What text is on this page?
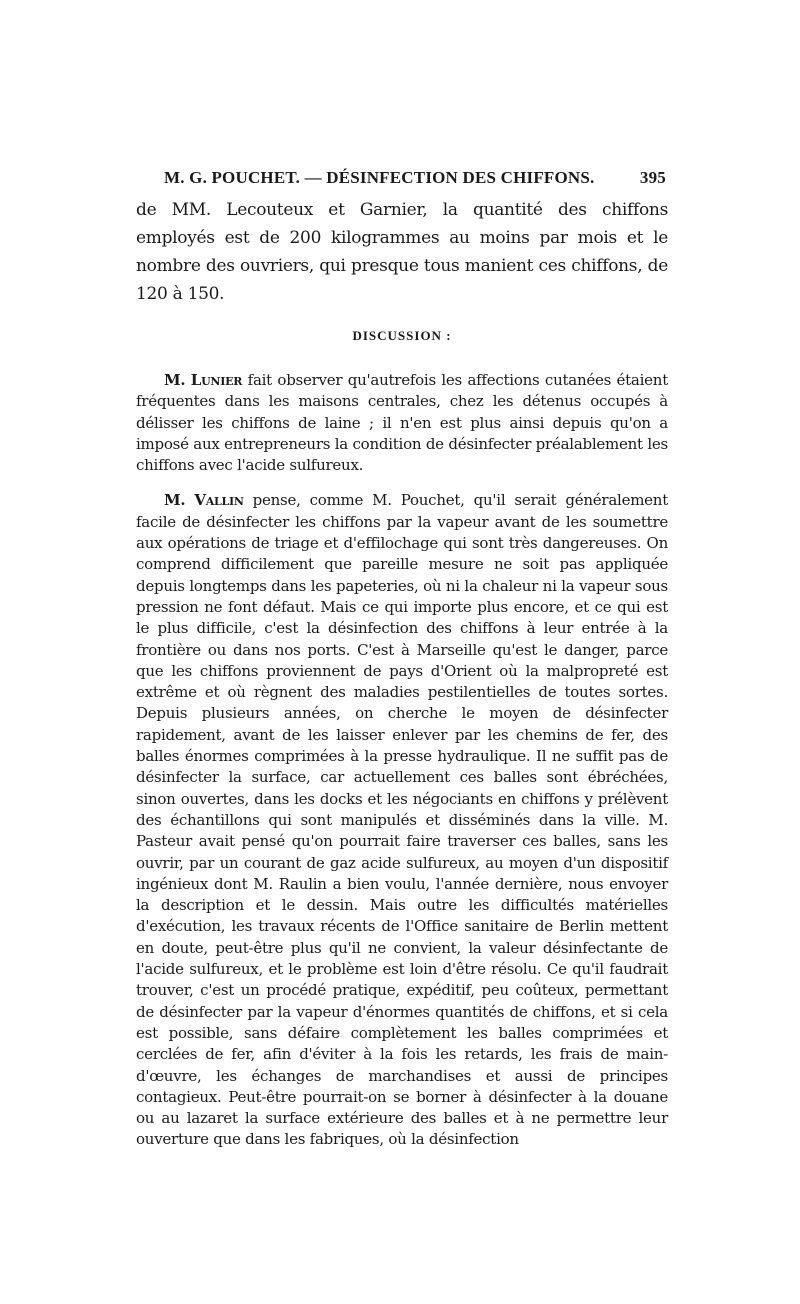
M. G. POUCHET. — DÉSINFECTION DES CHIFFONS.	395

de MM. Lecouteux et Garnier, la quantité des chiffons employés est de 200 kilogrammes au moins par mois et le nombre des ouvriers, qui presque tous manient ces chiffons, de 120 à 150.

DISCUSSION :

M. Lunier fait observer qu'autrefois les affections cutanées étaient fréquentes dans les maisons centrales, chez les détenus occupés à délisser les chiffons de laine ; il n'en est plus ainsi depuis qu'on a imposé aux entrepreneurs la condition de désinfecter préalablement les chiffons avec l'acide sulfureux.

M. Vallin pense, comme M. Pouchet, qu'il serait généralement facile de désinfecter les chiffons par la vapeur avant de les soumettre aux opérations de triage et d'effilochage qui sont très dangereuses. On comprend difficilement que pareille mesure ne soit pas appliquée depuis longtemps dans les papeteries, où ni la chaleur ni la vapeur sous pression ne font défaut. Mais ce qui importe plus encore, et ce qui est le plus difficile, c'est la désinfection des chiffons à leur entrée à la frontière ou dans nos ports. C'est à Marseille qu'est le danger, parce que les chiffons proviennent de pays d'Orient où la malpropreté est extrême et où règnent des maladies pestilentielles de toutes sortes. Depuis plusieurs années, on cherche le moyen de désinfecter rapidement, avant de les laisser enlever par les chemins de fer, des balles énormes comprimées à la presse hydraulique. Il ne suffit pas de désinfecter la surface, car actuellement ces balles sont ébréchées, sinon ouvertes, dans les docks et les négociants en chiffons y prélèvent des échantillons qui sont manipulés et disséminés dans la ville. M. Pasteur avait pensé qu'on pourrait faire traverser ces balles, sans les ouvrir, par un courant de gaz acide sulfureux, au moyen d'un dispositif ingénieux dont M. Raulin a bien voulu, l'année dernière, nous envoyer la description et le dessin. Mais outre les difficultés matérielles d'exécution, les travaux récents de l'Office sanitaire de Berlin mettent en doute, peut-être plus qu'il ne convient, la valeur désinfectante de l'acide sulfureux, et le problème est loin d'être résolu. Ce qu'il faudrait trouver, c'est un procédé pratique, expéditif, peu coûteux, permettant de désinfecter par la vapeur d'énormes quantités de chiffons, et si cela est possible, sans défaire complètement les balles comprimées et cerclées de fer, afin d'éviter à la fois les retards, les frais de main-d'œuvre, les échanges de marchandises et aussi de principes contagieux. Peut-être pourrait-on se borner à désinfecter à la douane ou au lazaret la surface extérieure des balles et à ne permettre leur ouverture que dans les fabriques, où la désinfection
